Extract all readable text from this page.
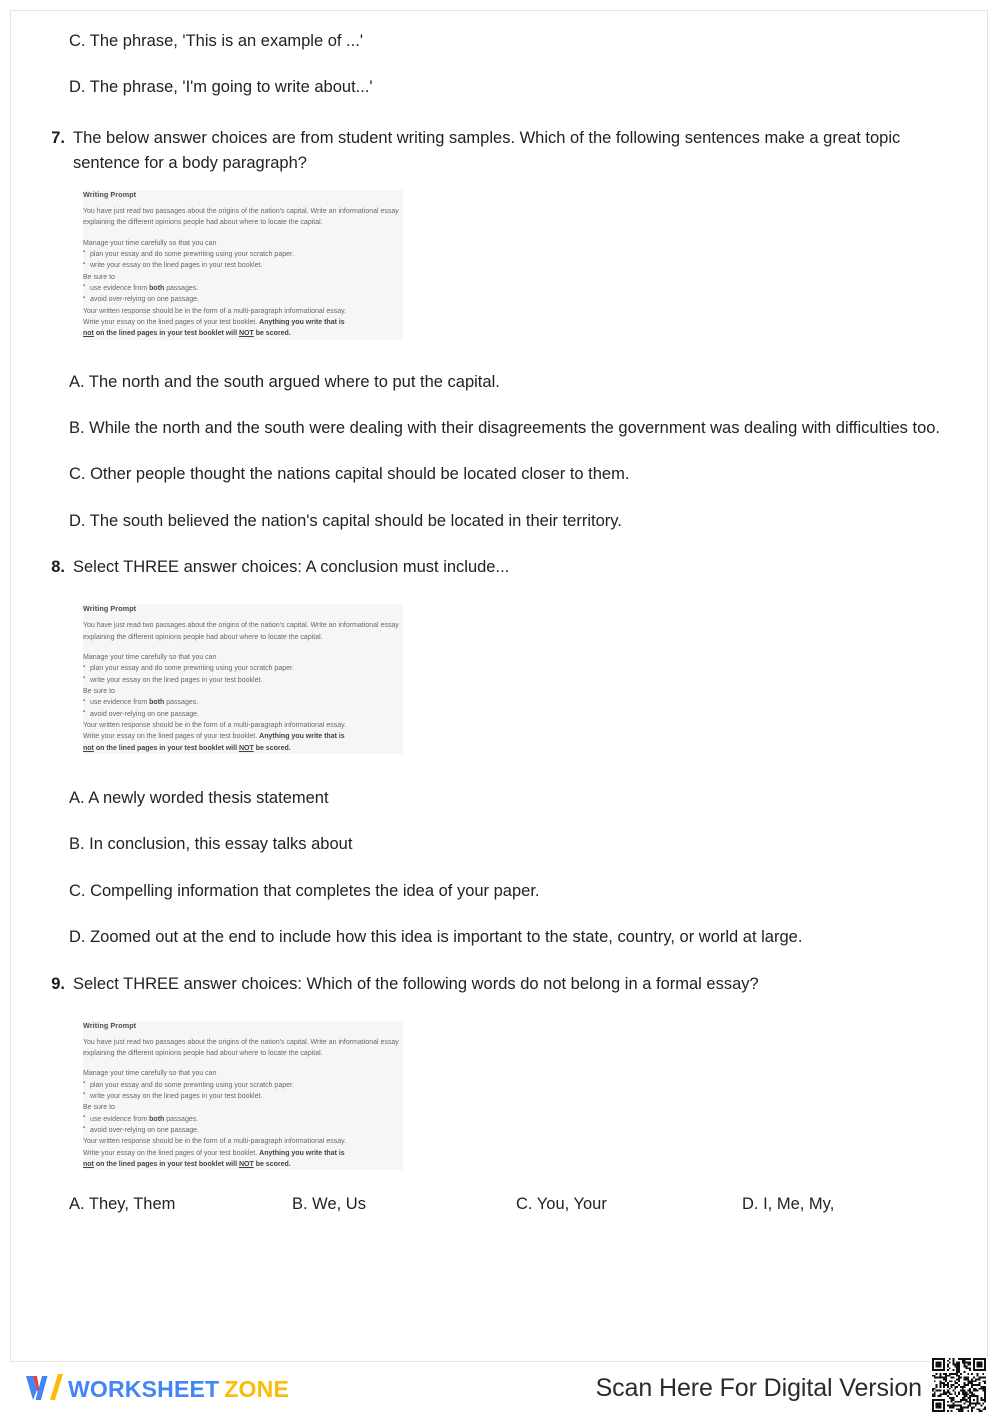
C. The phrase, 'This is an example of ...'

D. The phrase, 'I'm going to write about...'

7. The below answer choices are from student writing samples. Which of the following sentences make a great topic sentence for a body paragraph?
Writing Prompt
You have just read two passages about the origins of the nation's capital. Write an informational essay explaining the different opinions people had about where to locate the capital.
Manage your time carefully so that you can
▪ plan your essay and do some prewriting using your scratch paper.
▪ write your essay on the lined pages in your test booklet.
Be sure to
▪ use evidence from both passages.
▪ avoid over-relying on one passage.
Your written response should be in the form of a multi-paragraph informational essay.
Write your essay on the lined pages of your test booklet. Anything you write that is
not on the lined pages in your test booklet will NOT be scored.

A. The north and the south argued where to put the capital.

B. While the north and the south were dealing with their disagreements the government was dealing with difficulties too.

C. Other people thought the nations capital should be located closer to them.

D. The south believed the nation's capital should be located in their territory.

8. Select THREE answer choices: A conclusion must include...
Writing Prompt
You have just read two passages about the origins of the nation's capital. Write an informational essay explaining the different opinions people had about where to locate the capital.
Manage your time carefully so that you can
▪ plan your essay and do some prewriting using your scratch paper.
▪ write your essay on the lined pages in your test booklet.
Be sure to
▪ use evidence from both passages.
▪ avoid over-relying on one passage.
Your written response should be in the form of a multi-paragraph informational essay.
Write your essay on the lined pages of your test booklet. Anything you write that is
not on the lined pages in your test booklet will NOT be scored.

A. A newly worded thesis statement

B. In conclusion, this essay talks about

C. Compelling information that completes the idea of your paper.

D. Zoomed out at the end to include how this idea is important to the state, country, or world at large.

9. Select THREE answer choices: Which of the following words do not belong in a formal essay?
Writing Prompt
You have just read two passages about the origins of the nation's capital. Write an informational essay explaining the different opinions people had about where to locate the capital.
Manage your time carefully so that you can
▪ plan your essay and do some prewriting using your scratch paper.
▪ write your essay on the lined pages in your test booklet.
Be sure to
▪ use evidence from both passages.
▪ avoid over-relying on one passage.
Your written response should be in the form of a multi-paragraph informational essay.
Write your essay on the lined pages of your test booklet. Anything you write that is
not on the lined pages in your test booklet will NOT be scored.
A. They, Them	B. We, Us	C. You, Your	D. I, Me, My,
WORKSHEET ZONE	Scan Here For Digital Version
